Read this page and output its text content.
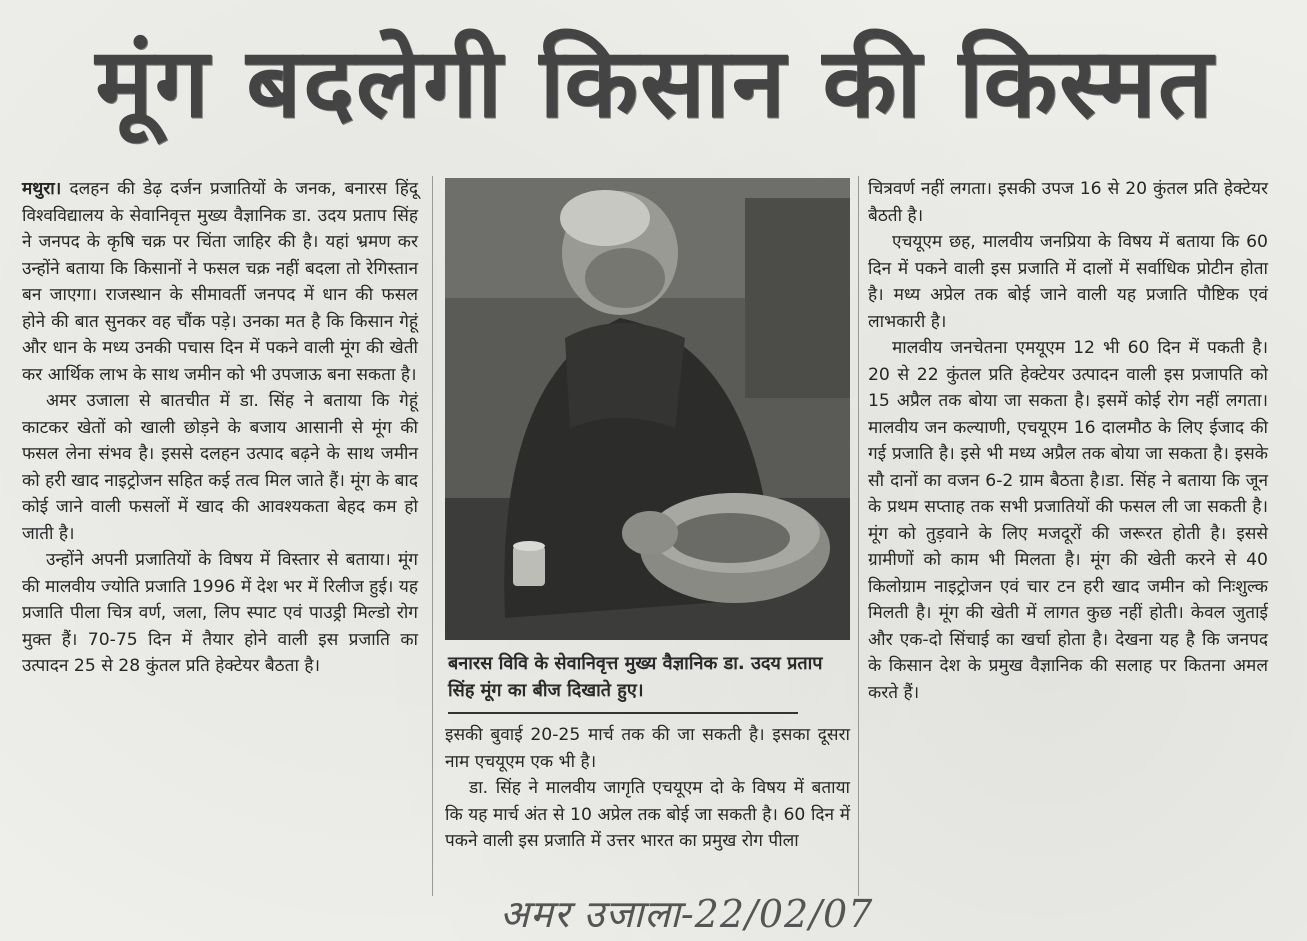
मूंग बदलेगी किसान की किस्मत

मथुरा। दलहन की डेढ़ दर्जन प्रजातियों के जनक, बनारस हिंदू विश्वविद्यालय के सेवानिवृत्त मुख्य वैज्ञानिक डा. उदय प्रताप सिंह ने जनपद के कृषि चक्र पर चिंता जाहिर की है। यहां भ्रमण कर उन्होंने बताया कि किसानों ने फसल चक्र नहीं बदला तो रेगिस्तान बन जाएगा। राजस्थान के सीमावर्ती जनपद में धान की फसल होने की बात सुनकर वह चौंक पड़े। उनका मत है कि किसान गेहूं और धान के मध्य उनकी पचास दिन में पकने वाली मूंग की खेती कर आर्थिक लाभ के साथ जमीन को भी उपजाऊ बना सकता है।

अमर उजाला से बातचीत में डा. सिंह ने बताया कि गेहूं काटकर खेतों को खाली छोड़ने के बजाय आसानी से मूंग की फसल लेना संभव है। इससे दलहन उत्पाद बढ़ने के साथ जमीन को हरी खाद नाइट्रोजन सहित कई तत्व मिल जाते हैं। मूंग के बाद कोई जाने वाली फसलों में खाद की आवश्यकता बेहद कम हो जाती है।

उन्होंने अपनी प्रजातियों के विषय में विस्तार से बताया। मूंग की मालवीय ज्योति प्रजाति 1996 में देश भर में रिलीज हुई। यह प्रजाति पीला चित्र वर्ण, जला, लिप स्पाट एवं पाउड्री मिल्डो रोग मुक्त हैं। 70-75 दिन में तैयार होने वाली इस प्रजाति का उत्पादन 25 से 28 कुंतल प्रति हेक्टेयर बैठता है।	बनारस विवि के सेवानिवृत्त मुख्य वैज्ञानिक डा. उदय प्रताप सिंह मूंग का बीज दिखाते हुए।

इसकी बुवाई 20-25 मार्च तक की जा सकती है। इसका दूसरा नाम एचयूएम एक भी है।

डा. सिंह ने मालवीय जागृति एचयूएम दो के विषय में बताया कि यह मार्च अंत से 10 अप्रेल तक बोई जा सकती है। 60 दिन में पकने वाली इस प्रजाति में उत्तर भारत का प्रमुख रोग पीला

चित्रवर्ण नहीं लगता। इसकी उपज 16 से 20 कुंतल प्रति हेक्टेयर बैठती है।

एचयूएम छह, मालवीय जनप्रिया के विषय में बताया कि 60 दिन में पकने वाली इस प्रजाति में दालों में सर्वाधिक प्रोटीन होता है। मध्य अप्रेल तक बोई जाने वाली यह प्रजाति पौष्टिक एवं लाभकारी है।

मालवीय जनचेतना एमयूएम 12 भी 60 दिन में पकती है। 20 से 22 कुंतल प्रति हेक्टेयर उत्पादन वाली इस प्रजापति को 15 अप्रैल तक बोया जा सकता है। इसमें कोई रोग नहीं लगता। मालवीय जन कल्याणी, एचयूएम 16 दालमौठ के लिए ईजाद की गई प्रजाति है। इसे भी मध्य अप्रैल तक बोया जा सकता है। इसके सौ दानों का वजन 6-2 ग्राम बैठता है।डा. सिंह ने बताया कि जून के प्रथम सप्ताह तक सभी प्रजातियों की फसल ली जा सकती है। मूंग को तुड़वाने के लिए मजदूरों की जरूरत होती है। इससे ग्रामीणों को काम भी मिलता है। मूंग की खेती करने से 40 किलोग्राम नाइट्रोजन एवं चार टन हरी खाद जमीन को निःशुल्क मिलती है। मूंग की खेती में लागत कुछ नहीं होती। केवल जुताई और एक-दो सिंचाई का खर्चा होता है। देखना यह है कि जनपद के किसान देश के प्रमुख वैज्ञानिक की सलाह पर कितना अमल करते हैं।

अमर उजाला-22/02/07
